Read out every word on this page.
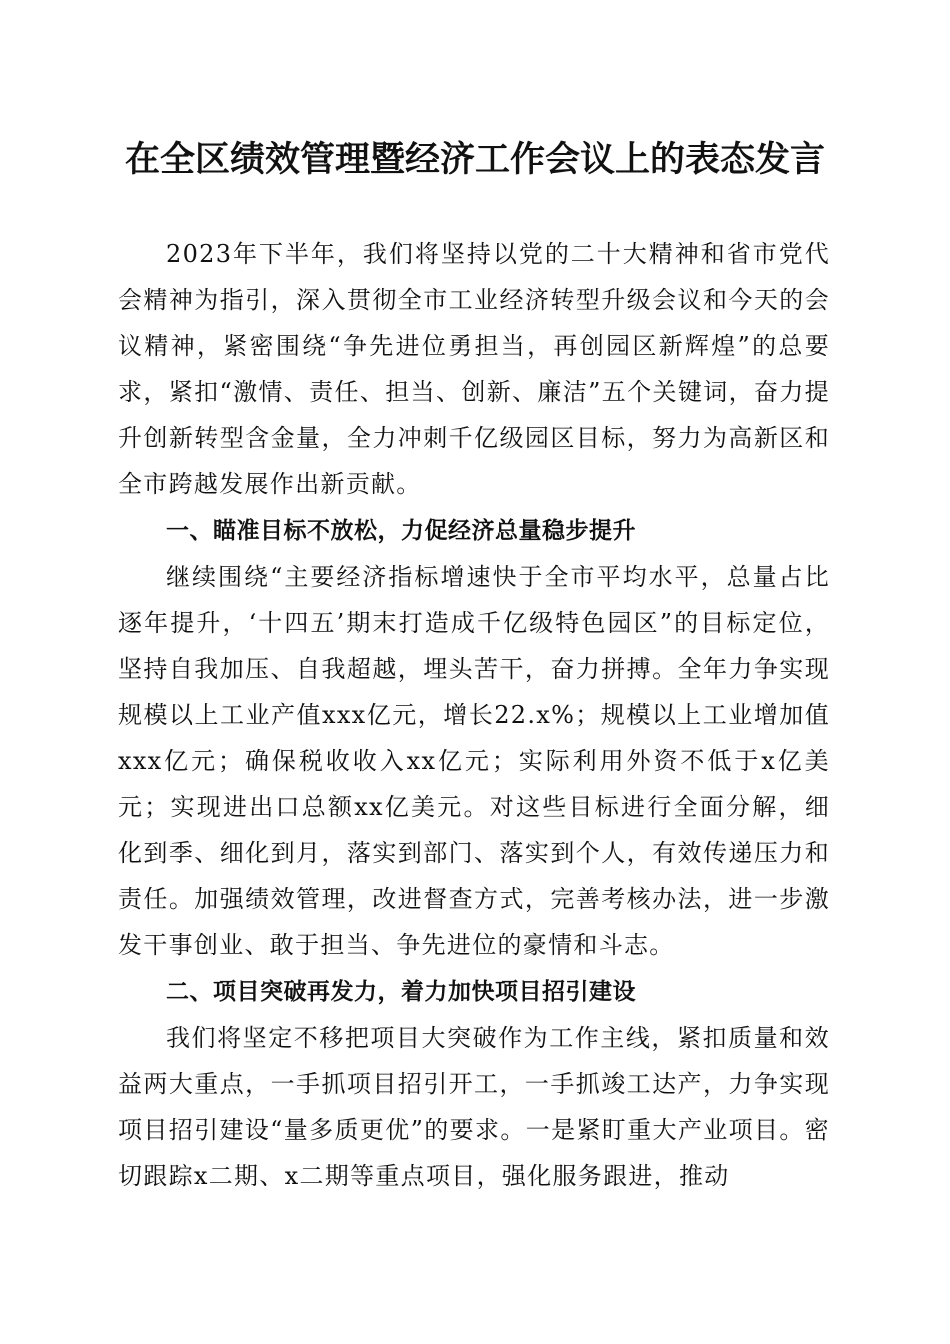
在全区绩效管理暨经济工作会议上的表态发言

2023年下半年，我们将坚持以党的二十大精神和省市党代会精神为指引，深入贯彻全市工业经济转型升级会议和今天的会议精神，紧密围绕“争先进位勇担当，再创园区新辉煌”的总要求，紧扣“激情、责任、担当、创新、廉洁”五个关键词，奋力提升创新转型含金量，全力冲刺千亿级园区目标，努力为高新区和全市跨越发展作出新贡献。

一、瞄准目标不放松，力促经济总量稳步提升

继续围绕“主要经济指标增速快于全市平均水平，总量占比逐年提升，‘十四五’期末打造成千亿级特色园区”的目标定位，坚持自我加压、自我超越，埋头苦干，奋力拼搏。全年力争实现规模以上工业产值xxx亿元，增长22.x%；规模以上工业增加值xxx亿元；确保税收收入xx亿元；实际利用外资不低于x亿美元；实现进出口总额xx亿美元。对这些目标进行全面分解，细化到季、细化到月，落实到部门、落实到个人，有效传递压力和责任。加强绩效管理，改进督查方式，完善考核办法，进一步激发干事创业、敢于担当、争先进位的豪情和斗志。

二、项目突破再发力，着力加快项目招引建设

我们将坚定不移把项目大突破作为工作主线，紧扣质量和效益两大重点，一手抓项目招引开工，一手抓竣工达产，力争实现项目招引建设“量多质更优”的要求。一是紧盯重大产业项目。密切跟踪x二期、x二期等重点项目，强化服务跟进，推动
